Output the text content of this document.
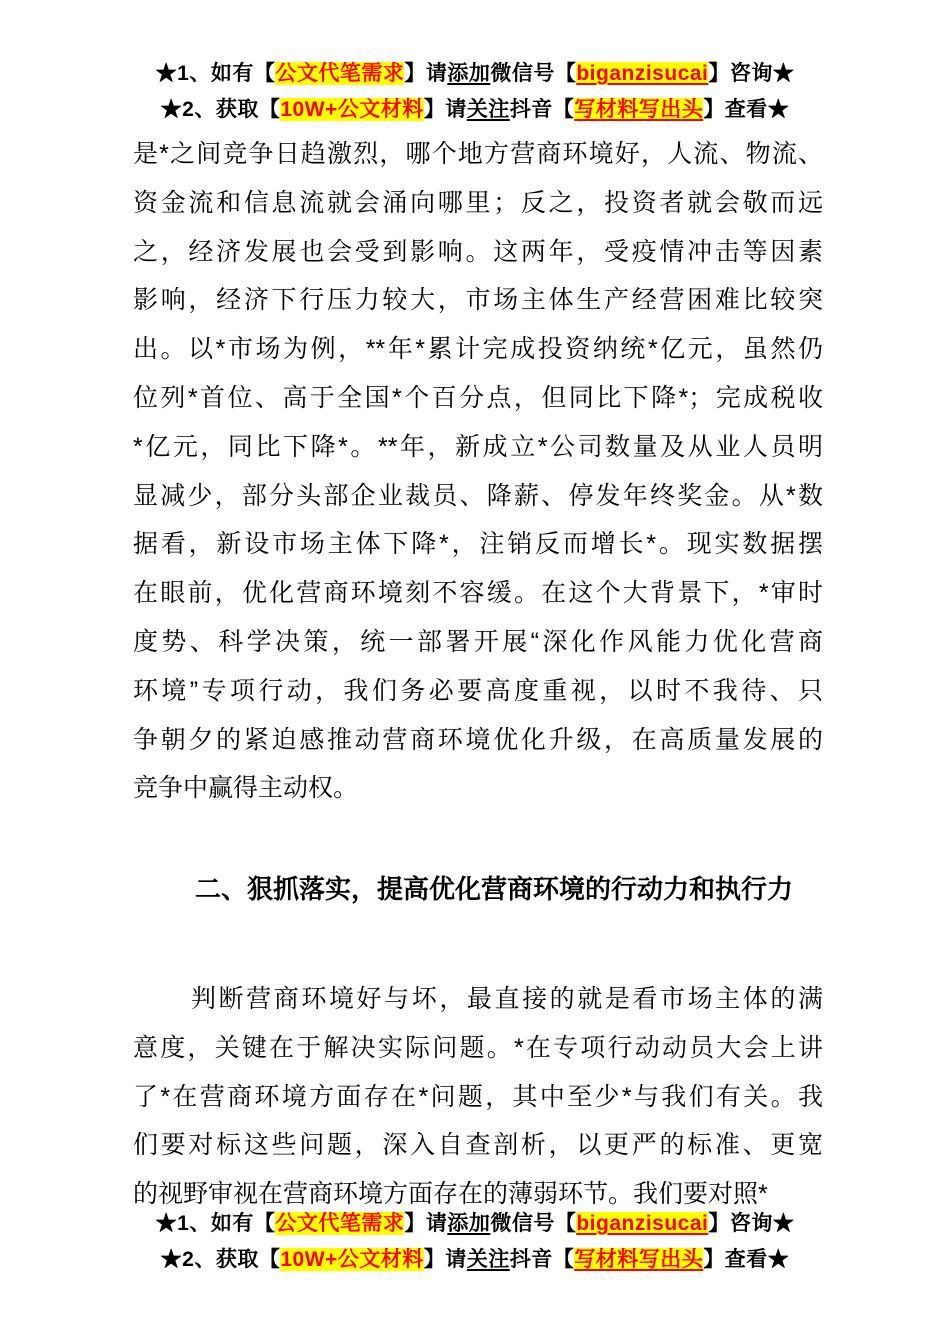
★1、如有【公文代笔需求】请添加微信号【biganzisucai】咨询★
★2、获取【10W+公文材料】请关注抖音【写材料写出头】查看★
是*之间竞争日趋激烈，哪个地方营商环境好，人流、物流、
资金流和信息流就会涌向哪里；反之，投资者就会敬而远
之，经济发展也会受到影响。这两年，受疫情冲击等因素
影响，经济下行压力较大，市场主体生产经营困难比较突
出。以*市场为例，**年*累计完成投资纳统*亿元，虽然仍
位列*首位、高于全国*个百分点，但同比下降*；完成税收
*亿元，同比下降*。**年，新成立*公司数量及从业人员明
显减少，部分头部企业裁员、降薪、停发年终奖金。从*数
据看，新设市场主体下降*，注销反而增长*。现实数据摆
在眼前，优化营商环境刻不容缓。在这个大背景下，*审时
度势、科学决策，统一部署开展“深化作风能力优化营商
环境”专项行动，我们务必要高度重视，以时不我待、只
争朝夕的紧迫感推动营商环境优化升级，在高质量发展的
竞争中赢得主动权。
二、狠抓落实，提高优化营商环境的行动力和执行力
判断营商环境好与坏，最直接的就是看市场主体的满
意度，关键在于解决实际问题。*在专项行动动员大会上讲
了*在营商环境方面存在*问题，其中至少*与我们有关。我
们要对标这些问题，深入自查剖析，以更严的标准、更宽
的视野审视在营商环境方面存在的薄弱环节。我们要对照*
★1、如有【公文代笔需求】请添加微信号【biganzisucai】咨询★
★2、获取【10W+公文材料】请关注抖音【写材料写出头】查看★
